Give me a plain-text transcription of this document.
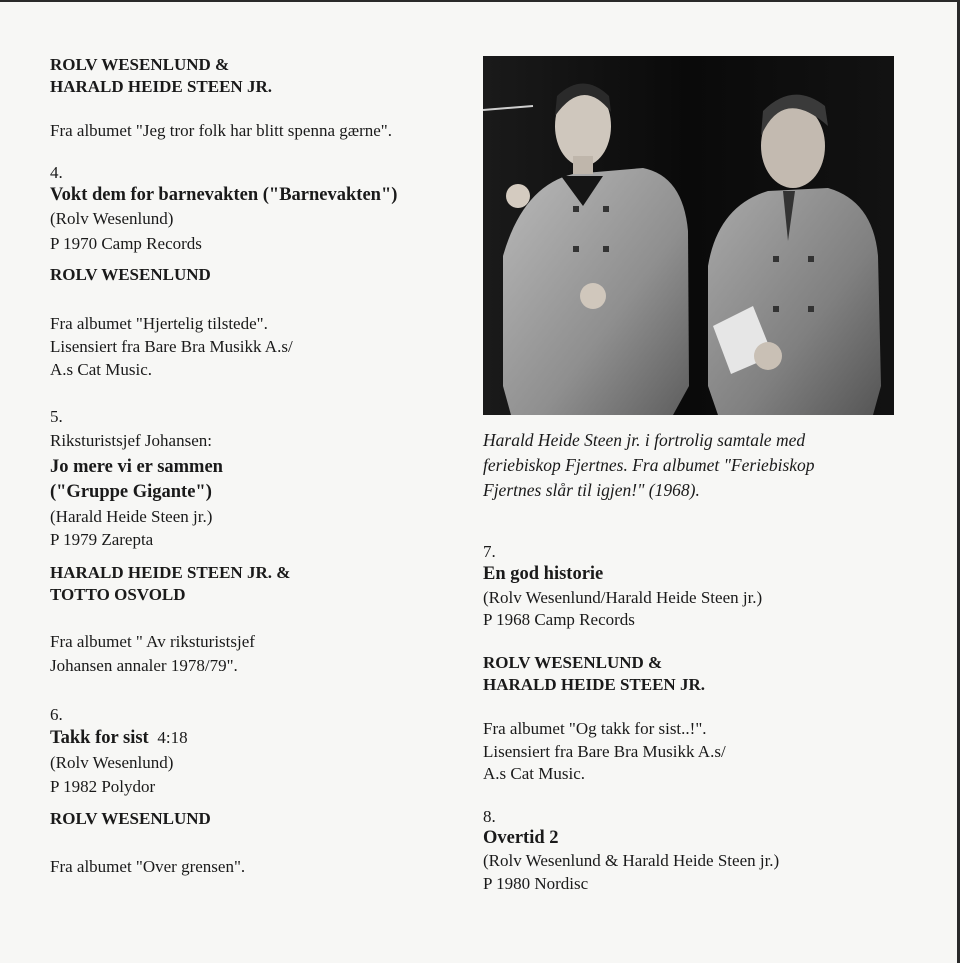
ROLV WESENLUND &
HARALD HEIDE STEEN JR.
Fra albumet "Jeg tror folk har blitt spenna gærne".
4.
Vokt dem for barnevakten ("Barnevakten")
(Rolv Wesenlund)
P 1970 Camp Records
ROLV WESENLUND
Fra albumet "Hjertelig tilstede".
Lisensiert fra Bare Bra Musikk A.s/
A.s Cat Music.
5.
Riksturistsjef Johansen:
Jo mere vi er sammen
("Gruppe Gigante")
(Harald Heide Steen jr.)
P 1979 Zarepta
HARALD HEIDE STEEN JR. &
TOTTO OSVOLD
Fra albumet " Av riksturistsjef
Johansen annaler 1978/79".
6.
Takk for sist 4:18
(Rolv Wesenlund)
P 1982 Polydor
ROLV WESENLUND
Fra albumet "Over grensen".
Harald Heide Steen jr. i fortrolig samtale med
feriebiskop Fjertnes. Fra albumet "Feriebiskop
Fjertnes slår til igjen!" (1968).
7.
En god historie
(Rolv Wesenlund/Harald Heide Steen jr.)
P 1968 Camp Records
ROLV WESENLUND &
HARALD HEIDE STEEN JR.
Fra albumet "Og takk for sist..!".
Lisensiert fra Bare Bra Musikk A.s/
A.s Cat Music.
8.
Overtid 2
(Rolv Wesenlund & Harald Heide Steen jr.)
P 1980 Nordisc
